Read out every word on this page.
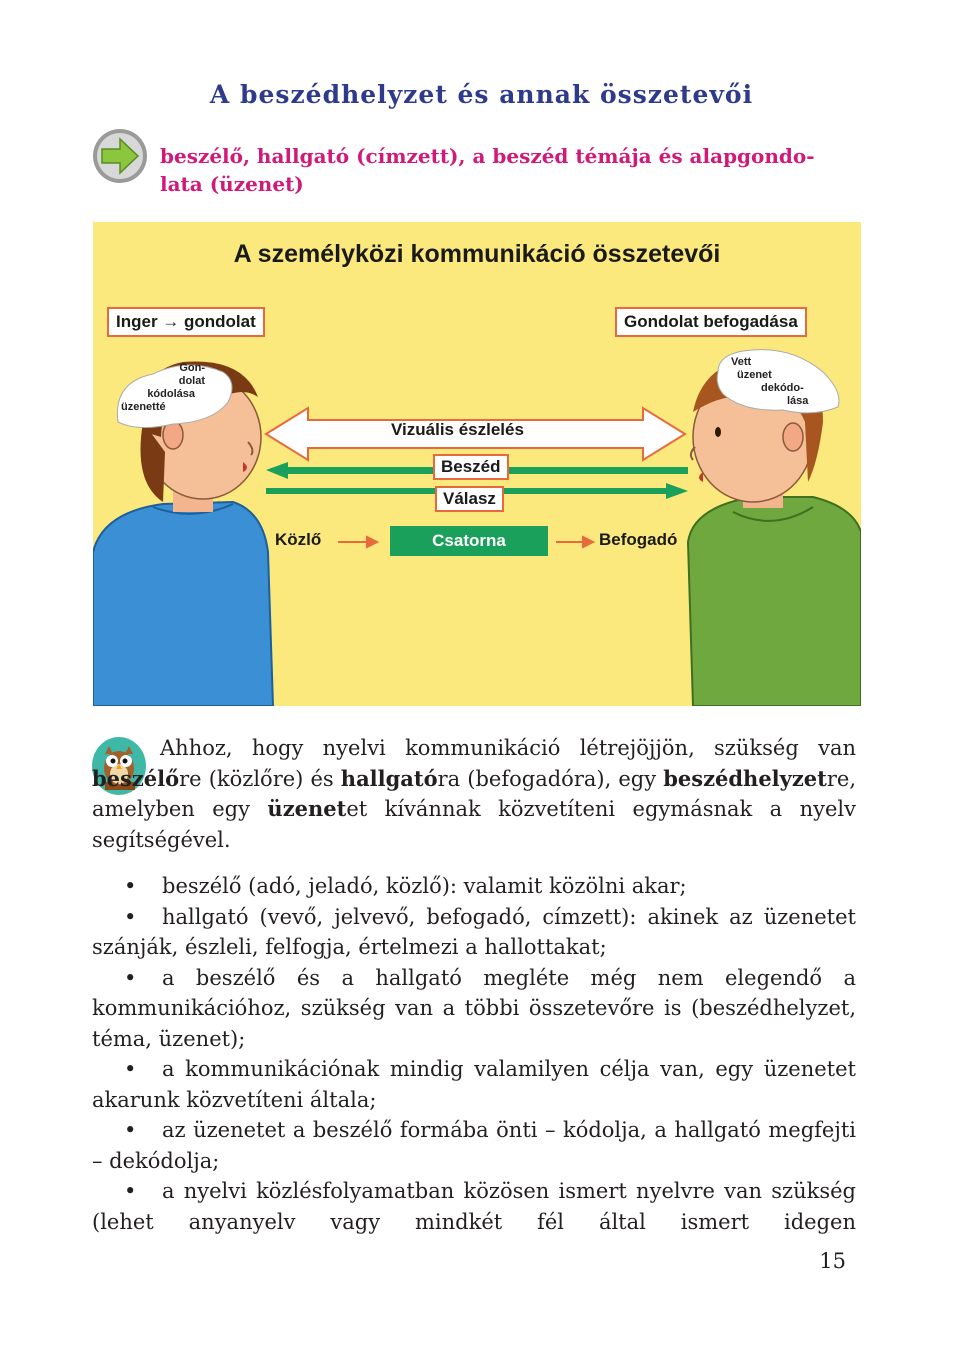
A beszédhelyzet és annak összetevői
beszélő, hallgató (címzett), a beszéd témája és alapgondo-
lata (üzenet)
A személyközi kommunikáció összetevői
Inger → gondolat	Gondolat befogadása
Gon-
dolat
kódolása
üzenetté
Vett
üzenet
dekódo-
lása
Vizuális észlelés
Beszéd
Válasz
Közlő	Csatorna	Befogadó
Ahhoz, hogy nyelvi kommunikáció létrejöjjön, szükség van beszélőre (közlőre) és hallgatóra (befogadóra), egy beszédhelyzetre, amelyben egy üzenetet kívánnak közvetíteni egymásnak a nyelv segítségével.

• beszélő (adó, jeladó, közlő): valamit közölni akar;

• hallgató (vevő, jelvevő, befogadó, címzett): akinek az üzenetet szánják, észleli, felfogja, értelmezi a hallottakat;

• a beszélő és a hallgató megléte még nem elegendő a kommunikációhoz, szükség van a többi összetevőre is (beszédhelyzet, téma, üzenet);

• a kommunikációnak mindig valamilyen célja van, egy üzenetet akarunk közvetíteni általa;

• az üzenetet a beszélő formába önti – kódolja, a hallgató megfejti – dekódolja;

• a nyelvi közlésfolyamatban közösen ismert nyelvre van szükség (lehet anyanyelv vagy mindkét fél által ismert idegen

15
